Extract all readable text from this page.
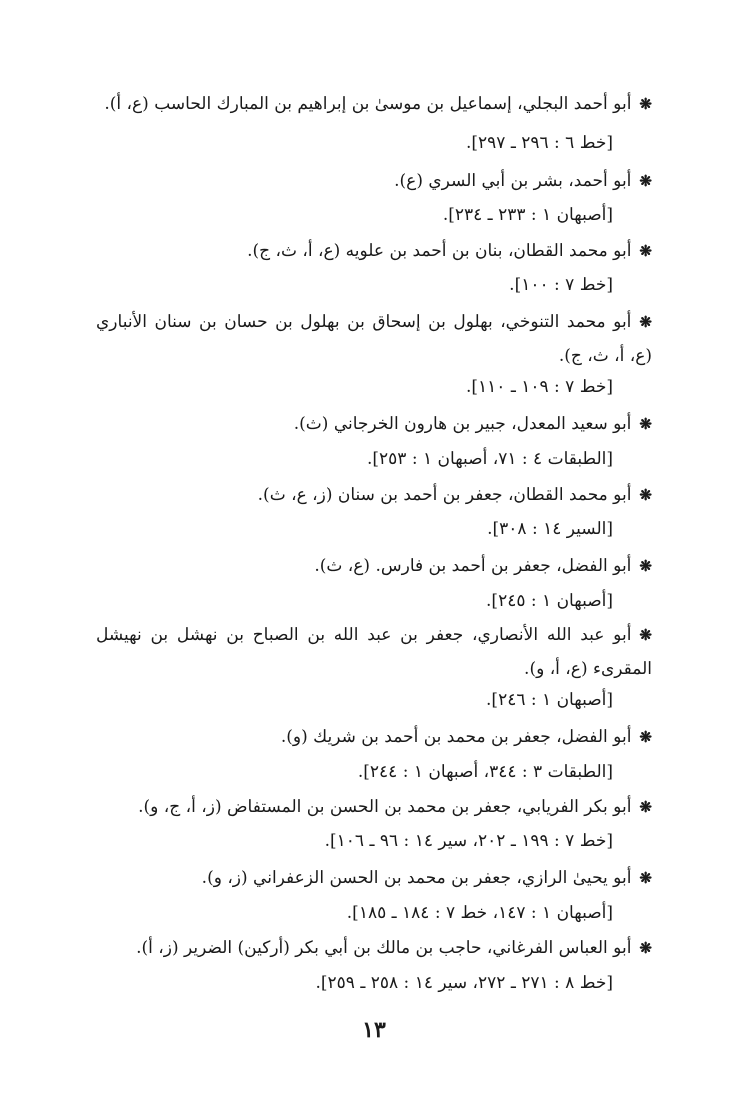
❋أبو أحمد البجلي، إسماعيل بن موسىٰ بن إبراهيم بن المبارك الحاسب (ع، أ).
[خط ٦ : ٢٩٦ ـ ٢٩٧].
❋أبو أحمد، بشر بن أبي السري (ع).
[أصبهان ١ : ٢٣٣ ـ ٢٣٤].
❋أبو محمد القطان، بنان بن أحمد بن علويه (ع، أ، ث، ج).
[خط ٧ : ١٠٠].
❋أبو محمد التنوخي، بهلول بن إسحاق بن بهلول بن حسان بن سنان الأنباري (ع، أ، ث، ج).
[خط ٧ : ١٠٩ ـ ١١٠].
❋أبو سعيد المعدل، جبير بن هارون الخرجاني (ث).
[الطبقات ٤ : ٧١، أصبهان ١ : ٢٥٣].
❋أبو محمد القطان، جعفر بن أحمد بن سنان (ز، ع، ث).
[السير ١٤ : ٣٠٨].
❋أبو الفضل، جعفر بن أحمد بن فارس. (ع، ث).
[أصبهان ١ : ٢٤٥].
❋أبو عبد الله الأنصاري، جعفر بن عبد الله بن الصباح بن نهشل بن نهيشل المقرىء (ع، أ، و).
[أصبهان ١ : ٢٤٦].
❋أبو الفضل، جعفر بن محمد بن أحمد بن شريك (و).
[الطبقات ٣ : ٣٤٤، أصبهان ١ : ٢٤٤].
❋أبو بكر الفريابي، جعفر بن محمد بن الحسن بن المستفاض (ز، أ، ج، و).
[خط ٧ : ١٩٩ ـ ٢٠٢، سير ١٤ : ٩٦ ـ ١٠٦].
❋أبو يحيىٰ الرازي، جعفر بن محمد بن الحسن الزعفراني (ز، و).
[أصبهان ١ : ١٤٧، خط ٧ : ١٨٤ ـ ١٨٥].
❋أبو العباس الفرغاني، حاجب بن مالك بن أبي بكر (أركين) الضرير (ز، أ).
[خط ٨ : ٢٧١ ـ ٢٧٢، سير ١٤ : ٢٥٨ ـ ٢٥٩].
١٣
